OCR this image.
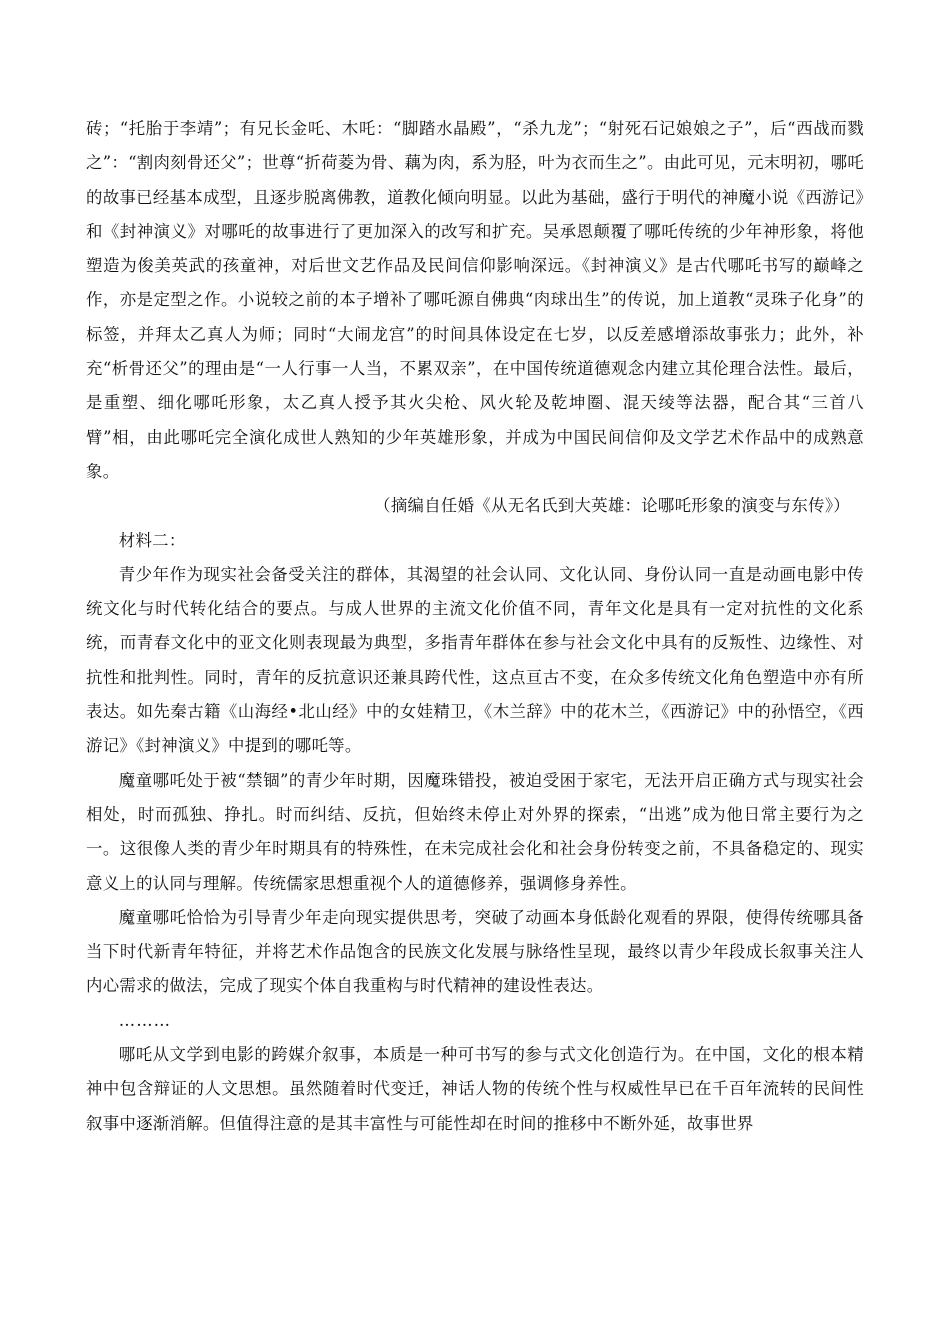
砖；“托胎于李靖”；有兄长金吒、木吒：“脚踏水晶殿”，“杀九龙”；“射死石记娘娘之子”，后“西战而戮之”：“割肉刻骨还父”；世尊“折荷菱为骨、藕为肉，系为胫，叶为衣而生之”。由此可见，元末明初，哪吒的故事已经基本成型，且逐步脱离佛教，道教化倾向明显。以此为基础，盛行于明代的神魔小说《西游记》和《封神演义》对哪吒的故事进行了更加深入的改写和扩充。吴承恩颠覆了哪吒传统的少年神形象，将他塑造为俊美英武的孩童神，对后世文艺作品及民间信仰影响深远。《封神演义》是古代哪吒书写的巅峰之作，亦是定型之作。小说较之前的本子增补了哪吒源自佛典“肉球出生”的传说，加上道教“灵珠子化身”的标签，并拜太乙真人为师；同时“大闹龙宫”的时间具体设定在七岁，以反差感增添故事张力；此外，补充“析骨还父”的理由是“一人行事一人当，不累双亲”，在中国传统道德观念内建立其伦理合法性。最后，是重塑、细化哪吒形象，太乙真人授予其火尖枪、风火轮及乾坤圈、混天绫等法器，配合其“三首八臂”相，由此哪吒完全演化成世人熟知的少年英雄形象，并成为中国民间信仰及文学艺术作品中的成熟意象。

（摘编自任婚《从无名氏到大英雄：论哪吒形象的演变与东传》）

材料二：

青少年作为现实社会备受关注的群体，其渴望的社会认同、文化认同、身份认同一直是动画电影中传统文化与时代转化结合的要点。与成人世界的主流文化价值不同，青年文化是具有一定对抗性的文化系统，而青春文化中的亚文化则表现最为典型，多指青年群体在参与社会文化中具有的反叛性、边缘性、对抗性和批判性。同时，青年的反抗意识还兼具跨代性，这点亘古不变，在众多传统文化角色塑造中亦有所表达。如先秦古籍《山海经•北山经》中的女娃精卫，《木兰辞》中的花木兰，《西游记》中的孙悟空，《西游记》《封神演义》中提到的哪吒等。

魔童哪吒处于被“禁锢”的青少年时期，因魔珠错投，被迫受困于家宅，无法开启正确方式与现实社会相处，时而孤独、挣扎。时而纠结、反抗，但始终未停止对外界的探索，“出逃”成为他日常主要行为之一。这很像人类的青少年时期具有的特殊性，在未完成社会化和社会身份转变之前，不具备稳定的、现实意义上的认同与理解。传统儒家思想重视个人的道德修养，强调修身养性。

魔童哪吒恰恰为引导青少年走向现实提供思考，突破了动画本身低龄化观看的界限，使得传统哪具备当下时代新青年特征，并将艺术作品饱含的民族文化发展与脉络性呈现，最终以青少年段成长叙事关注人内心需求的做法，完成了现实个体自我重构与时代精神的建设性表达。

………

哪吒从文学到电影的跨媒介叙事，本质是一种可书写的参与式文化创造行为。在中国，文化的根本精神中包含辩证的人文思想。虽然随着时代变迁，神话人物的传统个性与权威性早已在千百年流转的民间性叙事中逐渐消解。但值得注意的是其丰富性与可能性却在时间的推移中不断外延，故事世界
